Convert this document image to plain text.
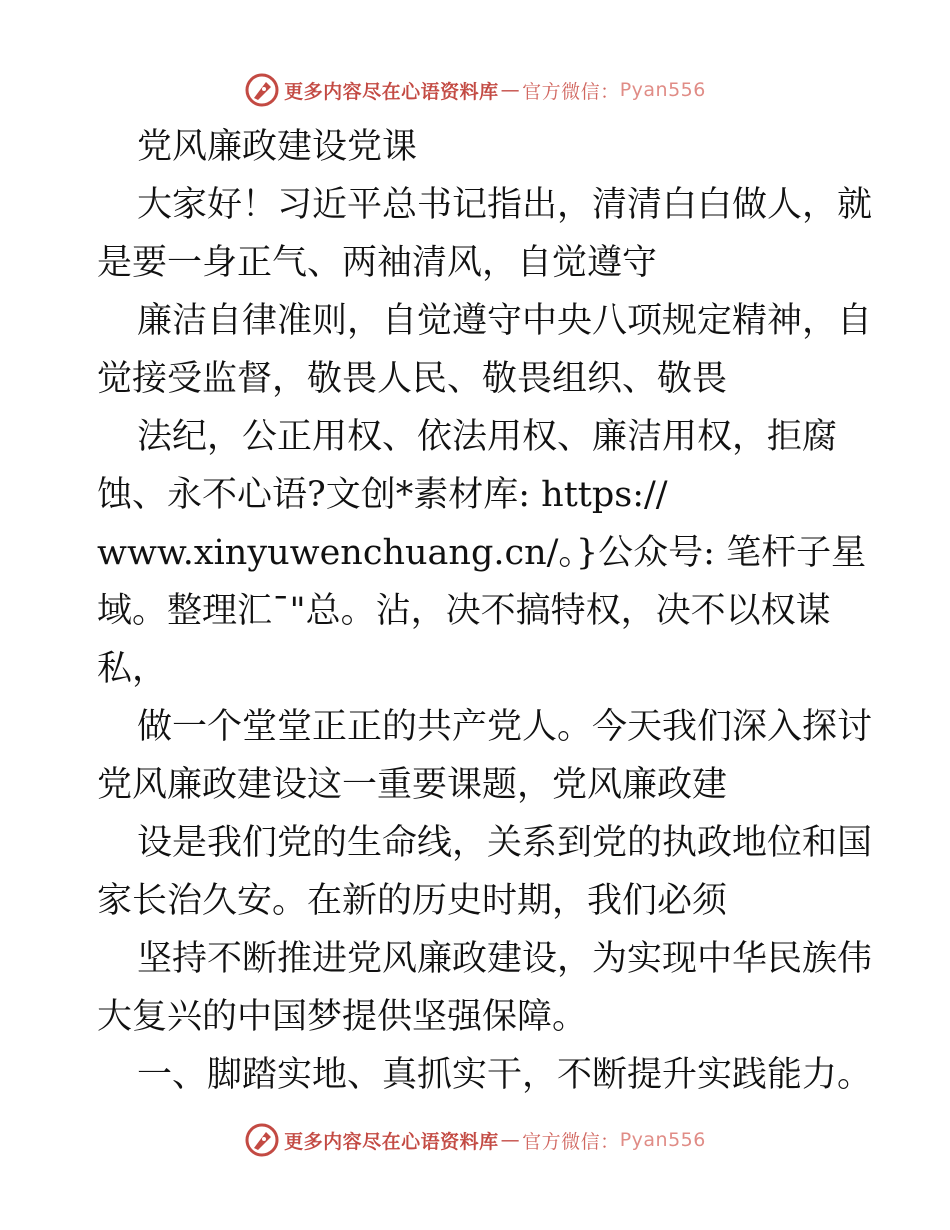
更多内容尽在心语资料库 — 官方微信： Pyan556
党风廉政建设党课
大家好！习近平总书记指出，清清白白做人，就
是要一身正气、两袖清风，自觉遵守
廉洁自律准则，自觉遵守中央八项规定精神，自
觉接受监督，敬畏人民、敬畏组织、敬畏
法纪，公正用权、依法用权、廉洁用权，拒腐
蚀、永不心语?文创*素材库: https://
www.xinyuwenchuang.cn/。}公众号: 笔杆子星
域。整理汇¯"总。沾，决不搞特权，决不以权谋
私，
做一个堂堂正正的共产党人。今天我们深入探讨
党风廉政建设这一重要课题，党风廉政建
设是我们党的生命线，关系到党的执政地位和国
家长治久安。在新的历史时期，我们必须
坚持不断推进党风廉政建设，为实现中华民族伟
大复兴的中国梦提供坚强保障。
一、脚踏实地、真抓实干，不断提升实践能力。
更多内容尽在心语资料库 — 官方微信： Pyan556
